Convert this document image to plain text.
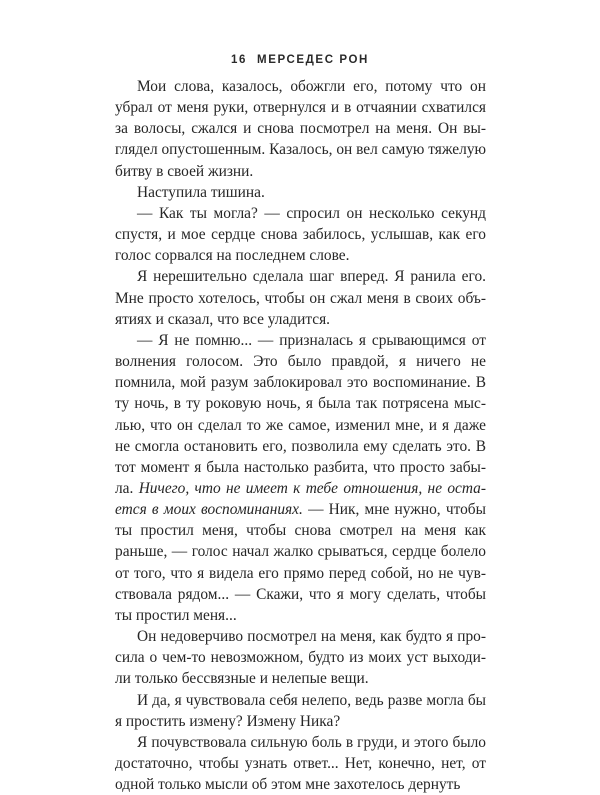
16 МЕРСЕДЕС РОН

Мои слова, казалось, обожгли его, потому что он убрал от меня руки, отвернулся и в отчаянии схватился за волосы, сжался и снова посмотрел на меня. Он выглядел опустошенным. Казалось, он вел самую тяжелую битву в своей жизни.

Наступила тишина.

— Как ты могла? — спросил он несколько секунд спустя, и мое сердце снова забилось, услышав, как его голос сорвался на последнем слове.

Я нерешительно сделала шаг вперед. Я ранила его. Мне просто хотелось, чтобы он сжал меня в своих объятиях и сказал, что все уладится.

— Я не помню... — призналась я срывающимся от волнения голосом. Это было правдой, я ничего не помнила, мой разум заблокировал это воспоминание. В ту ночь, в ту роковую ночь, я была так потрясена мыслью, что он сделал то же самое, изменил мне, и я даже не смогла остановить его, позволила ему сделать это. В тот момент я была настолько разбита, что просто забыла. Ничего, что не имеет к тебе отношения, не остается в моих воспоминаниях. — Ник, мне нужно, чтобы ты простил меня, чтобы снова смотрел на меня как раньше, — голос начал жалко срываться, сердце болело от того, что я видела его прямо перед собой, но не чувствовала рядом... — Скажи, что я могу сделать, чтобы ты простил меня...

Он недоверчиво посмотрел на меня, как будто я просила о чем-то невозможном, будто из моих уст выходили только бессвязные и нелепые вещи.

И да, я чувствовала себя нелепо, ведь разве могла бы я простить измену? Измену Ника?

Я почувствовала сильную боль в груди, и этого было достаточно, чтобы узнать ответ... Нет, конечно, нет, от одной только мысли об этом мне захотелось дернуть
